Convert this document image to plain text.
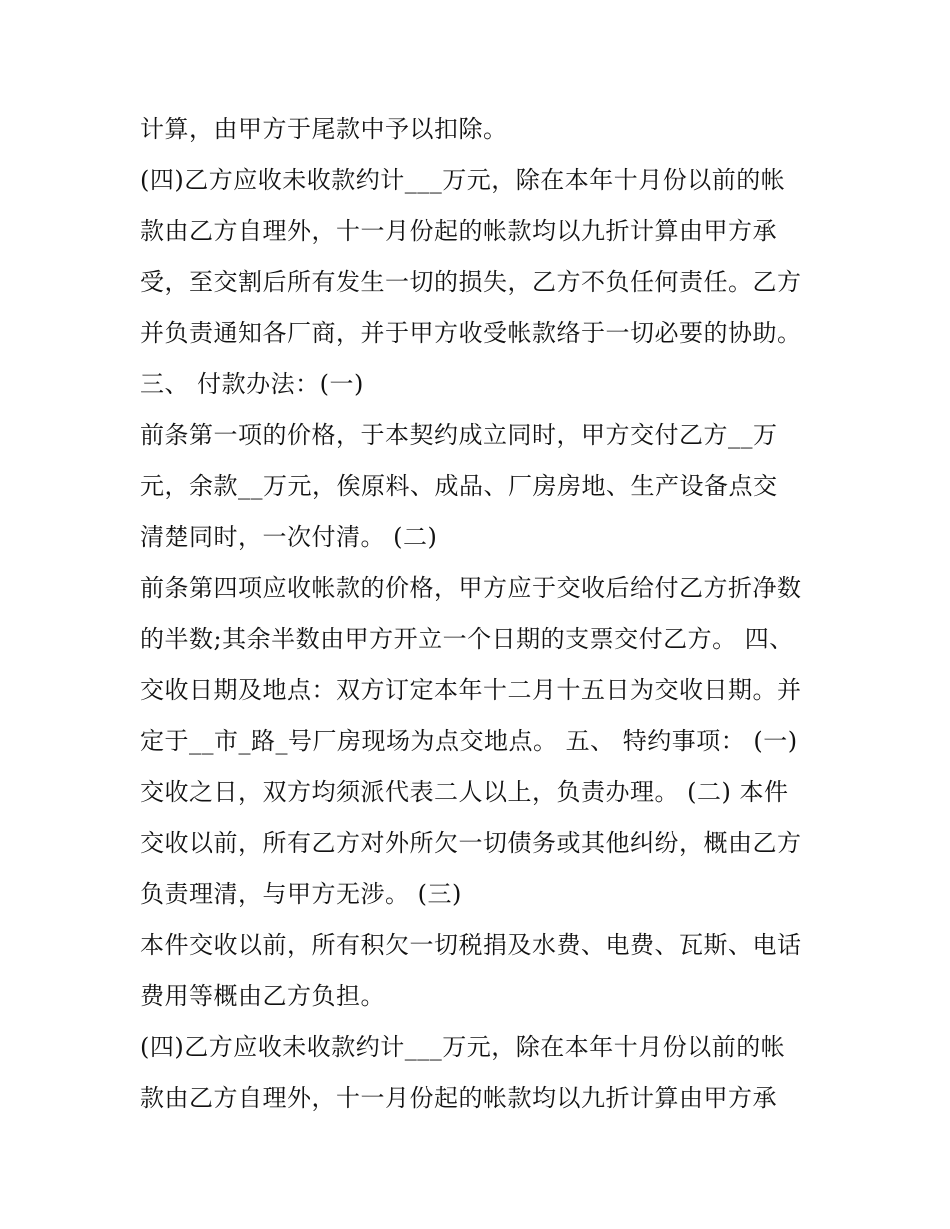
计算，由甲方于尾款中予以扣除。
(四)乙方应收未收款约计___万元，除在本年十月份以前的帐
款由乙方自理外，十一月份起的帐款均以九折计算由甲方承
受，至交割后所有发生一切的损失，乙方不负任何责任。乙方
并负责通知各厂商，并于甲方收受帐款络于一切必要的协助。
三、 付款办法：(一)
前条第一项的价格，于本契约成立同时，甲方交付乙方__万
元，余款__万元，俟原料、成品、厂房房地、生产设备点交
清楚同时，一次付清。 (二)
前条第四项应收帐款的价格，甲方应于交收后给付乙方折净数
的半数;其余半数由甲方开立一个日期的支票交付乙方。 四、
交收日期及地点：双方订定本年十二月十五日为交收日期。并
定于__市_路_号厂房现场为点交地点。 五、 特约事项： (一)
交收之日，双方均须派代表二人以上，负责办理。 (二) 本件
交收以前，所有乙方对外所欠一切债务或其他纠纷，概由乙方
负责理清，与甲方无涉。 (三)
本件交收以前，所有积欠一切税捐及水费、电费、瓦斯、电话
费用等概由乙方负担。
(四)乙方应收未收款约计___万元，除在本年十月份以前的帐
款由乙方自理外，十一月份起的帐款均以九折计算由甲方承
